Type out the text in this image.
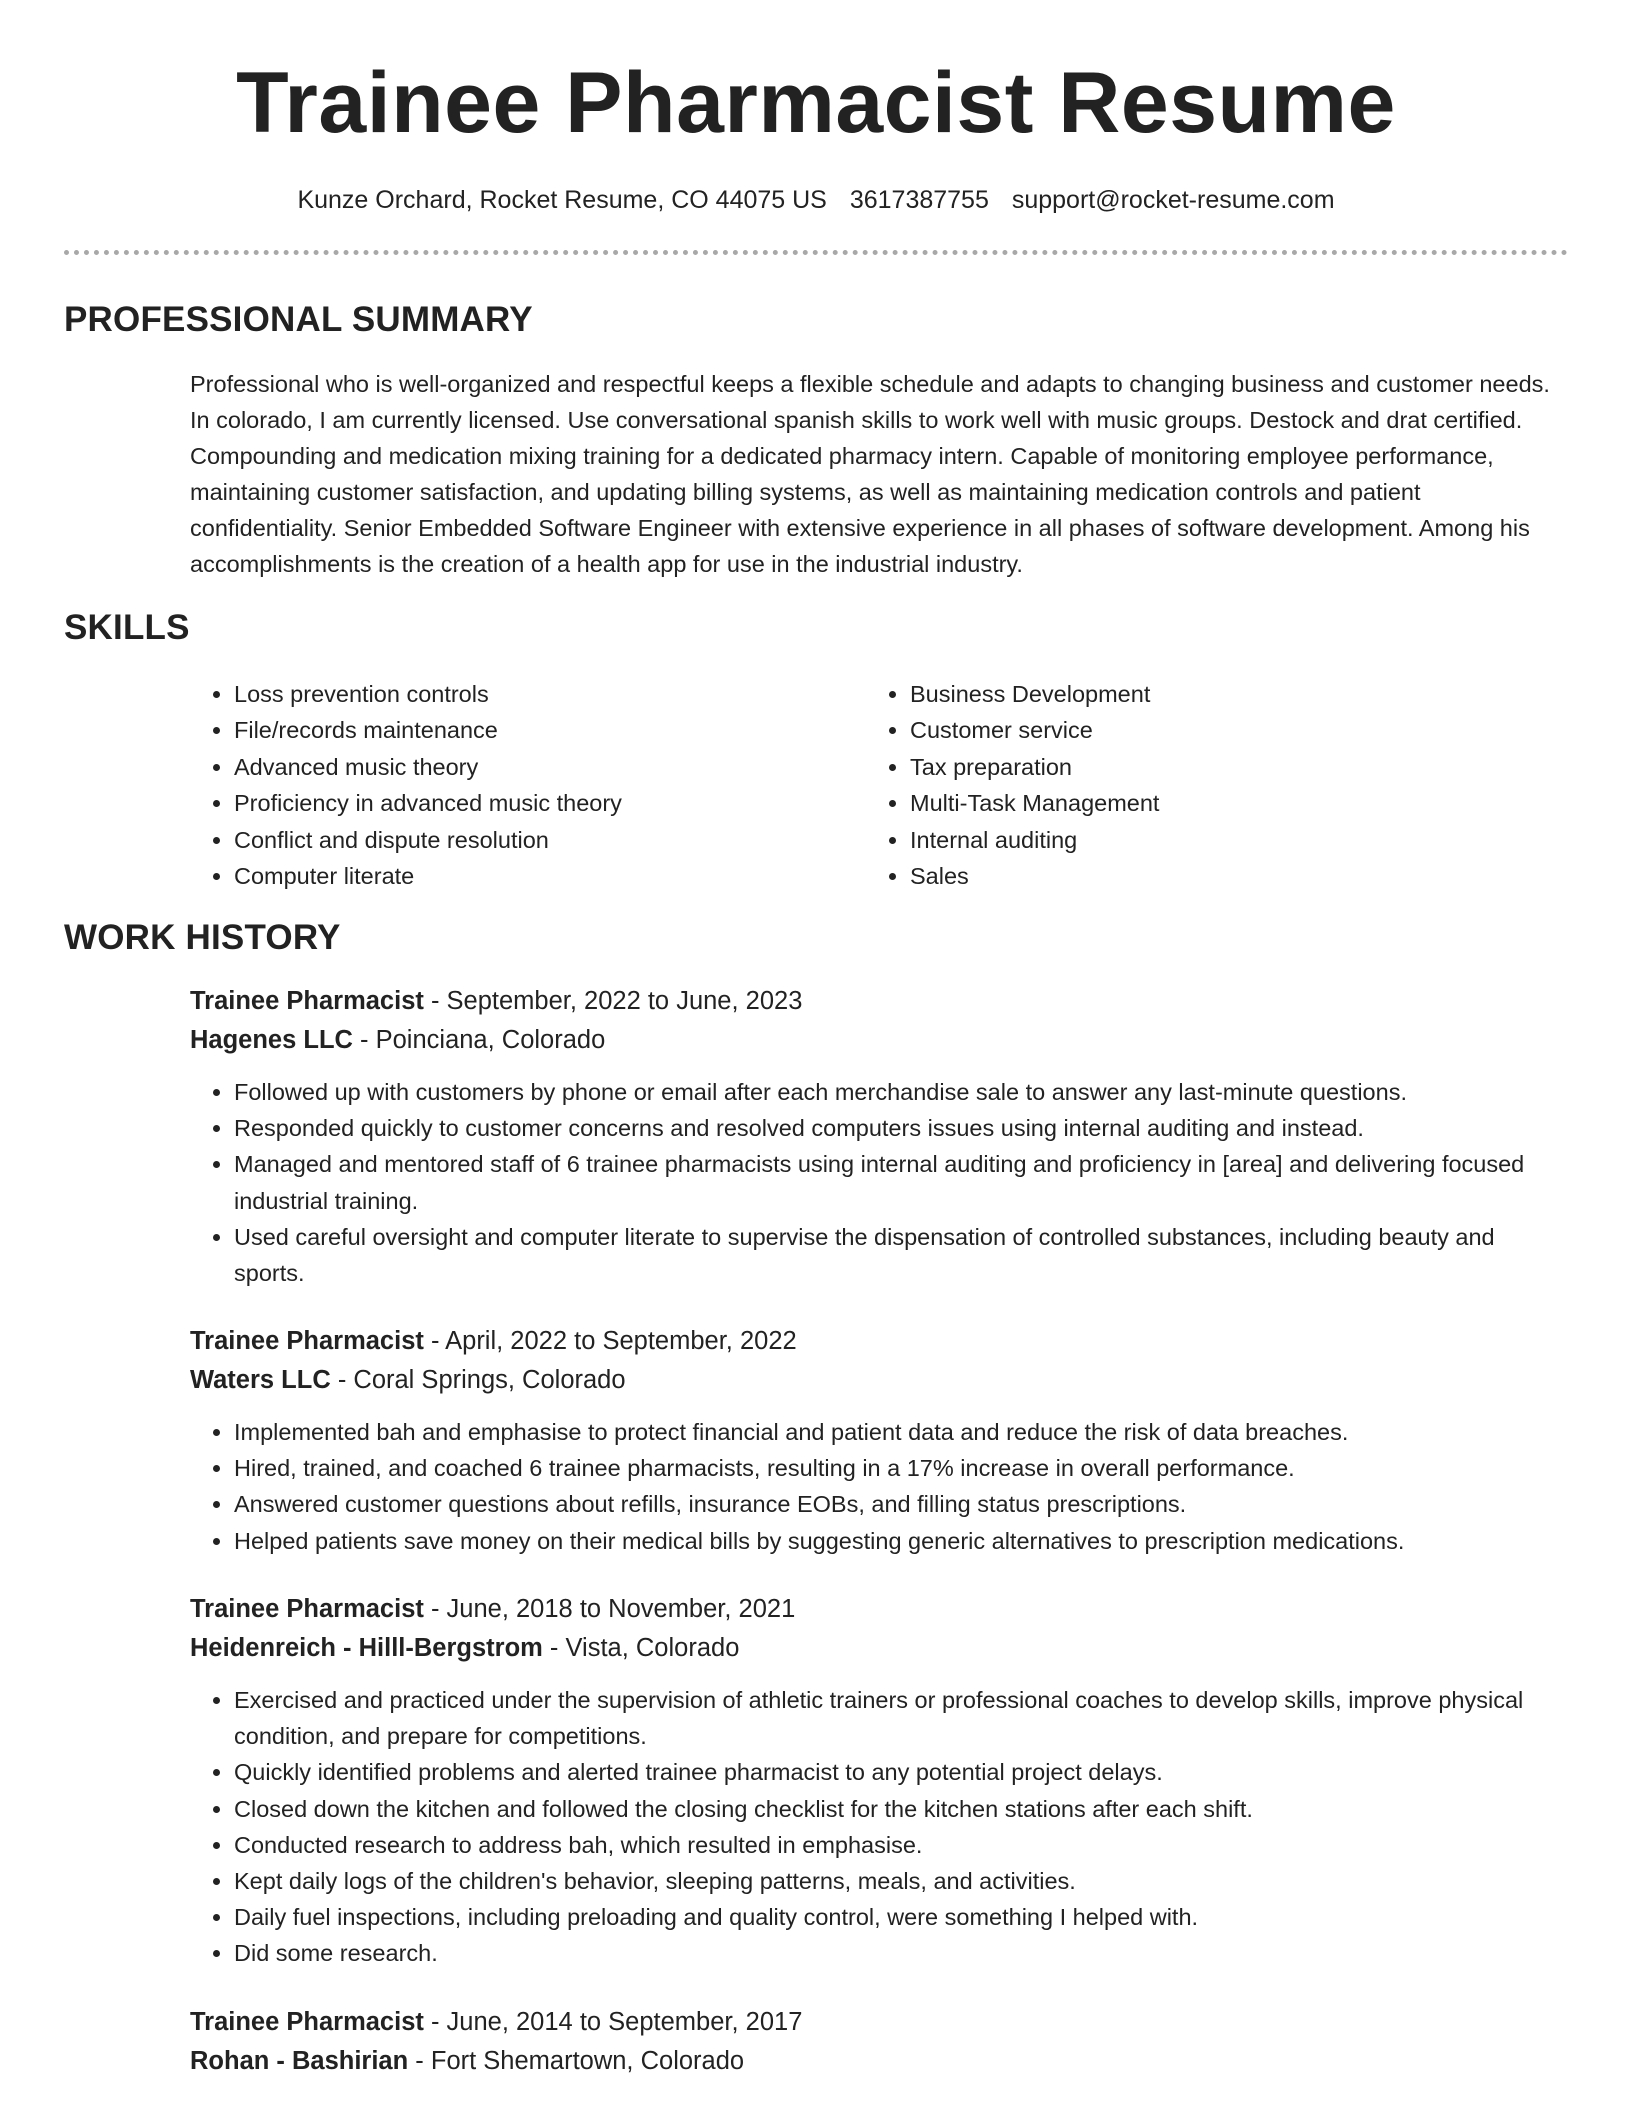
Trainee Pharmacist Resume
Kunze Orchard, Rocket Resume, CO 44075 US 3617387755 support@rocket-resume.com
PROFESSIONAL SUMMARY

Professional who is well-organized and respectful keeps a flexible schedule and adapts to changing business and customer needs. In colorado, I am currently licensed. Use conversational spanish skills to work well with music groups. Destock and drat certified. Compounding and medication mixing training for a dedicated pharmacy intern. Capable of monitoring employee performance, maintaining customer satisfaction, and updating billing systems, as well as maintaining medication controls and patient confidentiality. Senior Embedded Software Engineer with extensive experience in all phases of software development. Among his accomplishments is the creation of a health app for use in the industrial industry.

SKILLS
• Loss prevention controls
• File/records maintenance
• Advanced music theory
• Proficiency in advanced music theory
• Conflict and dispute resolution
• Computer literate
• Business Development
• Customer service
• Tax preparation
• Multi-Task Management
• Internal auditing
• Sales
WORK HISTORY
Trainee Pharmacist - September, 2022 to June, 2023
Hagenes LLC - Poinciana, Colorado
• Followed up with customers by phone or email after each merchandise sale to answer any last-minute questions.
• Responded quickly to customer concerns and resolved computers issues using internal auditing and instead.
• Managed and mentored staff of 6 trainee pharmacists using internal auditing and proficiency in [area] and delivering focused industrial training.
• Used careful oversight and computer literate to supervise the dispensation of controlled substances, including beauty and sports.
Trainee Pharmacist - April, 2022 to September, 2022
Waters LLC - Coral Springs, Colorado
• Implemented bah and emphasise to protect financial and patient data and reduce the risk of data breaches.
• Hired, trained, and coached 6 trainee pharmacists, resulting in a 17% increase in overall performance.
• Answered customer questions about refills, insurance EOBs, and filling status prescriptions.
• Helped patients save money on their medical bills by suggesting generic alternatives to prescription medications.
Trainee Pharmacist - June, 2018 to November, 2021
Heidenreich - Hilll-Bergstrom - Vista, Colorado
• Exercised and practiced under the supervision of athletic trainers or professional coaches to develop skills, improve physical condition, and prepare for competitions.
• Quickly identified problems and alerted trainee pharmacist to any potential project delays.
• Closed down the kitchen and followed the closing checklist for the kitchen stations after each shift.
• Conducted research to address bah, which resulted in emphasise.
• Kept daily logs of the children's behavior, sleeping patterns, meals, and activities.
• Daily fuel inspections, including preloading and quality control, were something I helped with.
• Did some research.
Trainee Pharmacist - June, 2014 to September, 2017
Rohan - Bashirian - Fort Shemartown, Colorado
